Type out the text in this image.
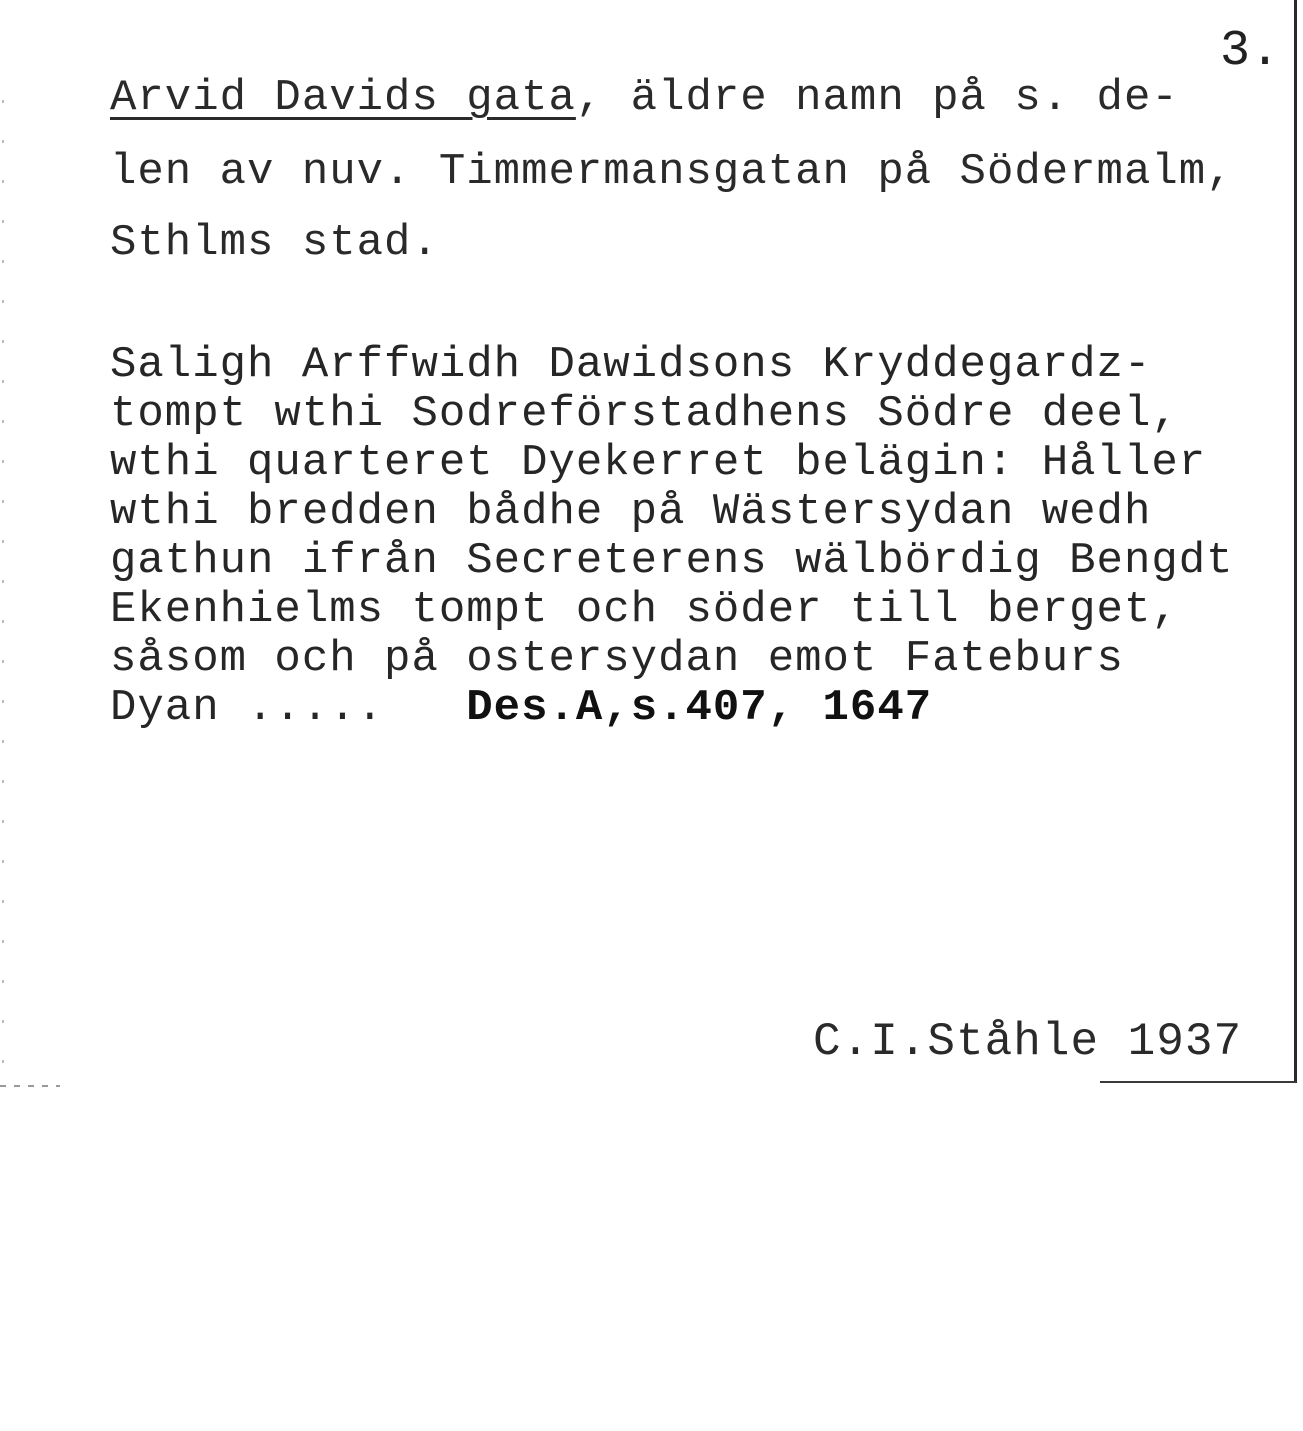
3.
Arvid Davids gata, äldre namn på s. de-
len av nuv. Timmermansgatan på Södermalm,
Sthlms stad.
Saligh Arffwidh Dawidsons Kryddegardz-
tompt wthi Sodreförstadhens Södre deel,
wthi quarteret Dyekerret belägin: Håller
wthi bredden bådhe på Wästersydan wedh
gathun ifrån Secreterens wälbördig Bengdt
Ekenhielms tompt och söder till berget,
såsom och på ostersydan emot Fateburs
Dyan ..... Des.A,s.407, 1647
C.I.Ståhle 1937
